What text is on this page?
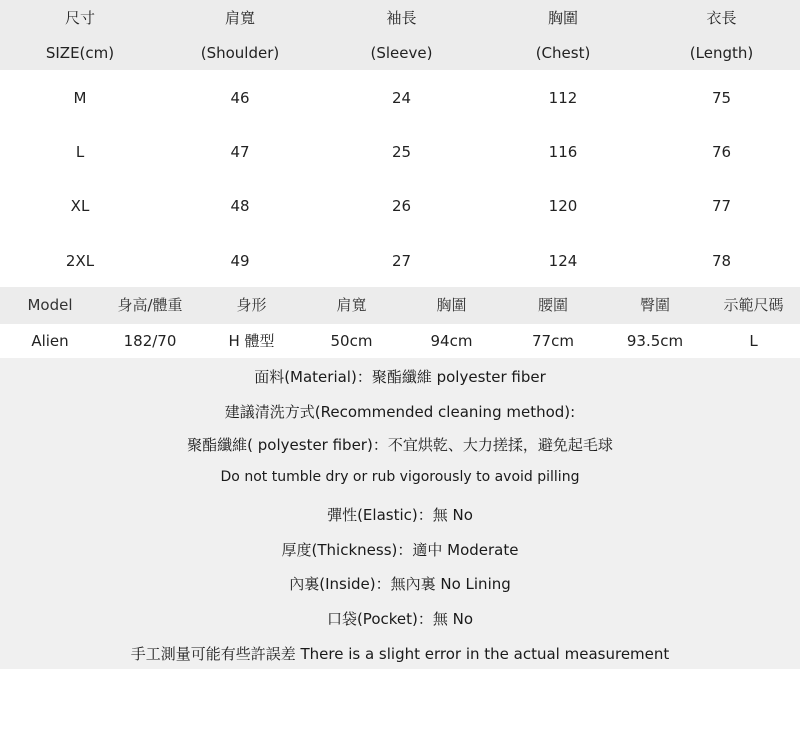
尺寸	肩寬	袖長	胸圍	衣長
SIZE(cm)	(Shoulder)	(Sleeve)	(Chest)	(Length)
M	46	24	112	75
L	47	25	116	76
XL	48	26	120	77
2XL	49	27	124	78
Model	身高/體重	身形	肩寬	胸圍	腰圍	臀圍	示範尺碼
Alien	182/70	H 體型	50cm	94cm	77cm	93.5cm	L
面料(Material)：聚酯纖維 polyester fiber
建議清洗方式(Recommended cleaning method):
聚酯纖維( polyester fiber)：不宜烘乾、大力搓揉，避免起毛球
Do not tumble dry or rub vigorously to avoid pilling
彈性(Elastic)：無 No
厚度(Thickness)：適中 Moderate
內裏(Inside)：無內裏 No Lining
口袋(Pocket)：無 No
手工測量可能有些許誤差 There is a slight error in the actual measurement
